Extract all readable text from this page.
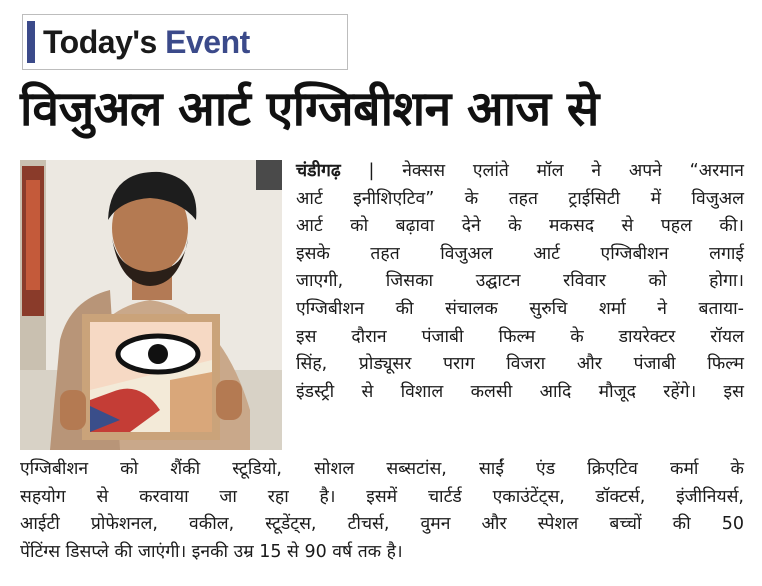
Today's Event
विजुअल आर्ट एग्जिबीशन आज से
चंडीगढ़ | नेक्सस एलांते मॉल ने अपने “अरमान
आर्ट इनीशिएटिव” के तहत ट्राईसिटी में विजुअल
आर्ट को बढ़ावा देने के मकसद से पहल की।
इसके तहत विजुअल आर्ट एग्जिबीशन लगाई
जाएगी, जिसका उद्घाटन रविवार को होगा।
एग्जिबीशन की संचालक सुरुचि शर्मा ने बताया-
इस दौरान पंजाबी फिल्म के डायरेक्टर रॉयल
सिंह, प्रोड्यूसर पराग विजरा और पंजाबी फिल्म
इंडस्ट्री से विशाल कलसी आदि मौजूद रहेंगे। इस
एग्जिबीशन को शैंकी स्टूडियो, सोशल सब्सटांस, साईं एंड क्रिएटिव कर्मा के
सहयोग से करवाया जा रहा है। इसमें चार्टर्ड एकाउंटेंट्स, डॉक्टर्स, इंजीनियर्स,
आईटी प्रोफेशनल, वकील, स्टूडेंट्स, टीचर्स, वुमन और स्पेशल बच्चों की 50
पेंटिंग्स डिसप्ले की जाएंगी। इनकी उम्र 15 से 90 वर्ष तक है।
